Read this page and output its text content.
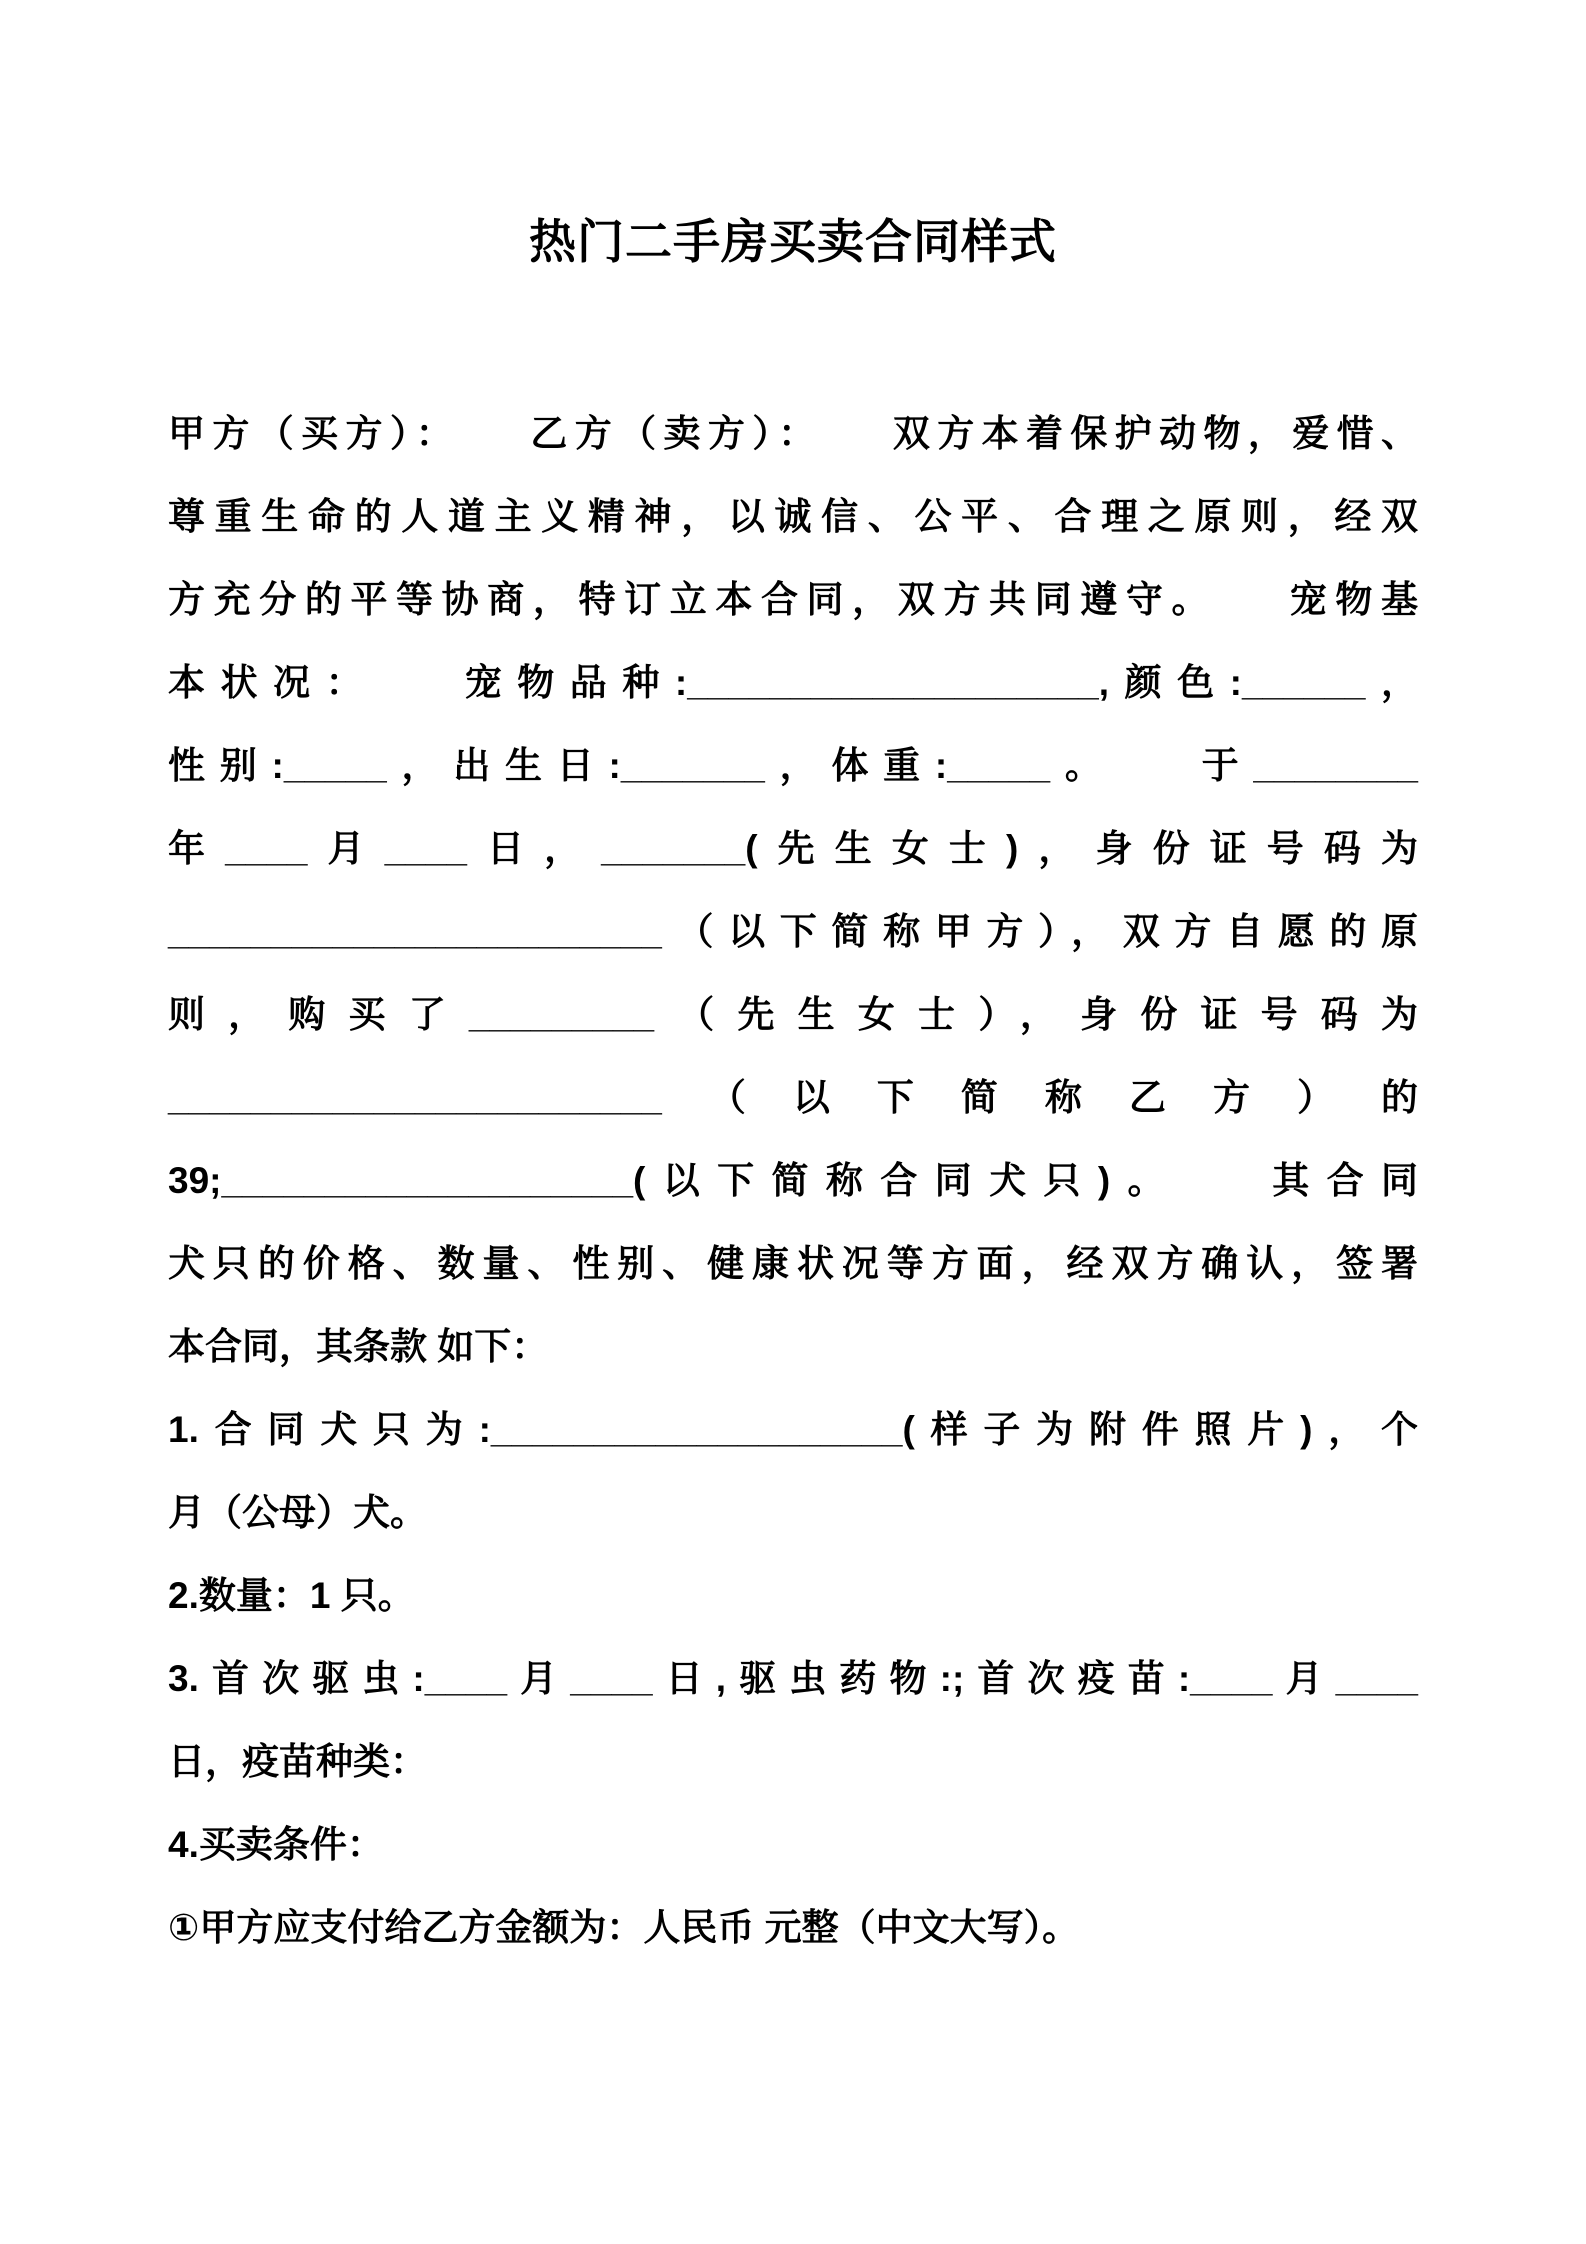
热门二手房买卖合同样式

甲方（买方）：　　乙方（卖方）：　　双方本着保护动物，爱惜、

尊重生命的人道主义精神，以诚信、公平、合理之原则，经双

方充分的平等协商，特订立本合同，双方共同遵守。　　宠物基

本状况：　　宠物品种:____________________,颜色:______，

性别:_____，出生日:_______，体重:_____。　　于________

年____月____日，_______(先生女士)，身份证号码为

________________________（以下简称甲方），双方自愿的原

则，购买了_________（先生女士），身份证号码为

________________________（以下简称乙方）的

39;____________________(以下简称合同犬只)。　　其合同

犬只的价格、数量、性别、健康状况等方面，经双方确认，签署

本合同，其条款 如下：

1.合同犬只为:____________________(样子为附件照片)，个

月（公母）犬。

2.数量：1 只。

3.首次驱虫:____月____日,驱虫药物:;首次疫苗:____月____

日，疫苗种类：

4.买卖条件：

①甲方应支付给乙方金额为：人民币 元整（中文大写）。
